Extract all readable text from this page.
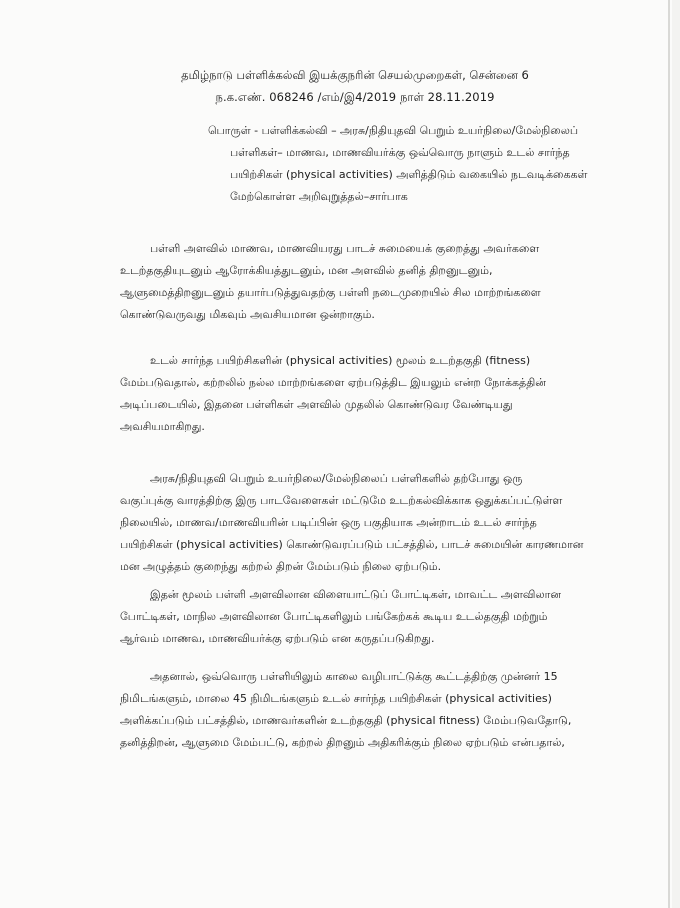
தமிழ்நாடு பள்ளிக்கல்வி இயக்குநரின் செயல்முறைகள், சென்னை 6
ந.க.எண். 068246 /எம்/இ4/2019 நாள் 28.11.2019
பொருள் - பள்ளிக்கல்வி – அரசு/நிதியுதவி பெறும் உயர்நிலை/மேல்நிலைப்
பள்ளிகள்– மாணவ, மாணவியர்க்கு ஒவ்வொரு நாளும் உடல் சார்ந்த
பயிற்சிகள் (physical activities) அளித்திடும் வகையில் நடவடிக்கைகள்
மேற்கொள்ள அறிவுறுத்தல்–சார்பாக
பள்ளி அளவில் மாணவ, மாணவியரது பாடச் சுமையைக் குறைத்து அவர்களை
உடற்தகுதியுடனும் ஆரோக்கியத்துடனும், மன அளவில் தனித் திறனுடனும்,
ஆளுமைத்திறனுடனும் தயார்படுத்துவதற்கு பள்ளி நடைமுறையில் சில மாற்றங்களை
கொண்டுவருவது மிகவும் அவசியமான ஒன்றாகும்.
உடல் சார்ந்த பயிற்சிகளின் (physical activities) மூலம் உடற்தகுதி (fitness)
மேம்படுவதால், கற்றலில் நல்ல மாற்றங்களை ஏற்படுத்திட இயலும் என்ற நோக்கத்தின்
அடிப்படையில், இதனை பள்ளிகள் அளவில் முதலில் கொண்டுவர வேண்டியது
அவசியமாகிறது.
அரசு/நிதியுதவி பெறும் உயர்நிலை/மேல்நிலைப் பள்ளிகளில் தற்போது ஒரு
வகுப்புக்கு வாரத்திற்கு இரு பாடவேளைகள் மட்டுமே உடற்கல்விக்காக ஒதுக்கப்பட்டுள்ள
நிலையில், மாணவ/மாணவியரின் படிப்பின் ஒரு பகுதியாக அன்றாடம் உடல் சார்ந்த
பயிற்சிகள் (physical activities) கொண்டுவரப்படும் பட்சத்தில், பாடச் சுமையின் காரணமான
மன அழுத்தம் குறைந்து கற்றல் திறன் மேம்படும் நிலை ஏற்படும்.
இதன் மூலம் பள்ளி அளவிலான விளையாட்டுப் போட்டிகள், மாவட்ட அளவிலான
போட்டிகள், மாநில அளவிலான போட்டிகளிலும் பங்கேற்கக் கூடிய உடல்தகுதி மற்றும்
ஆர்வம் மாணவ, மாணவியர்க்கு ஏற்படும் என கருதப்படுகிறது.
அதனால், ஒவ்வொரு பள்ளியிலும் காலை வழிபாட்டுக்கு கூட்டத்திற்கு முன்னர் 15
நிமிடங்களும், மாலை 45 நிமிடங்களும் உடல் சார்ந்த பயிற்சிகள் (physical activities)
அளிக்கப்படும் பட்சத்தில், மாணவர்களின் உடற்தகுதி (physical fitness) மேம்படுவதோடு,
தனித்திறன், ஆளுமை மேம்பட்டு, கற்றல் திறனும் அதிகரிக்கும் நிலை ஏற்படும் என்பதால்,
